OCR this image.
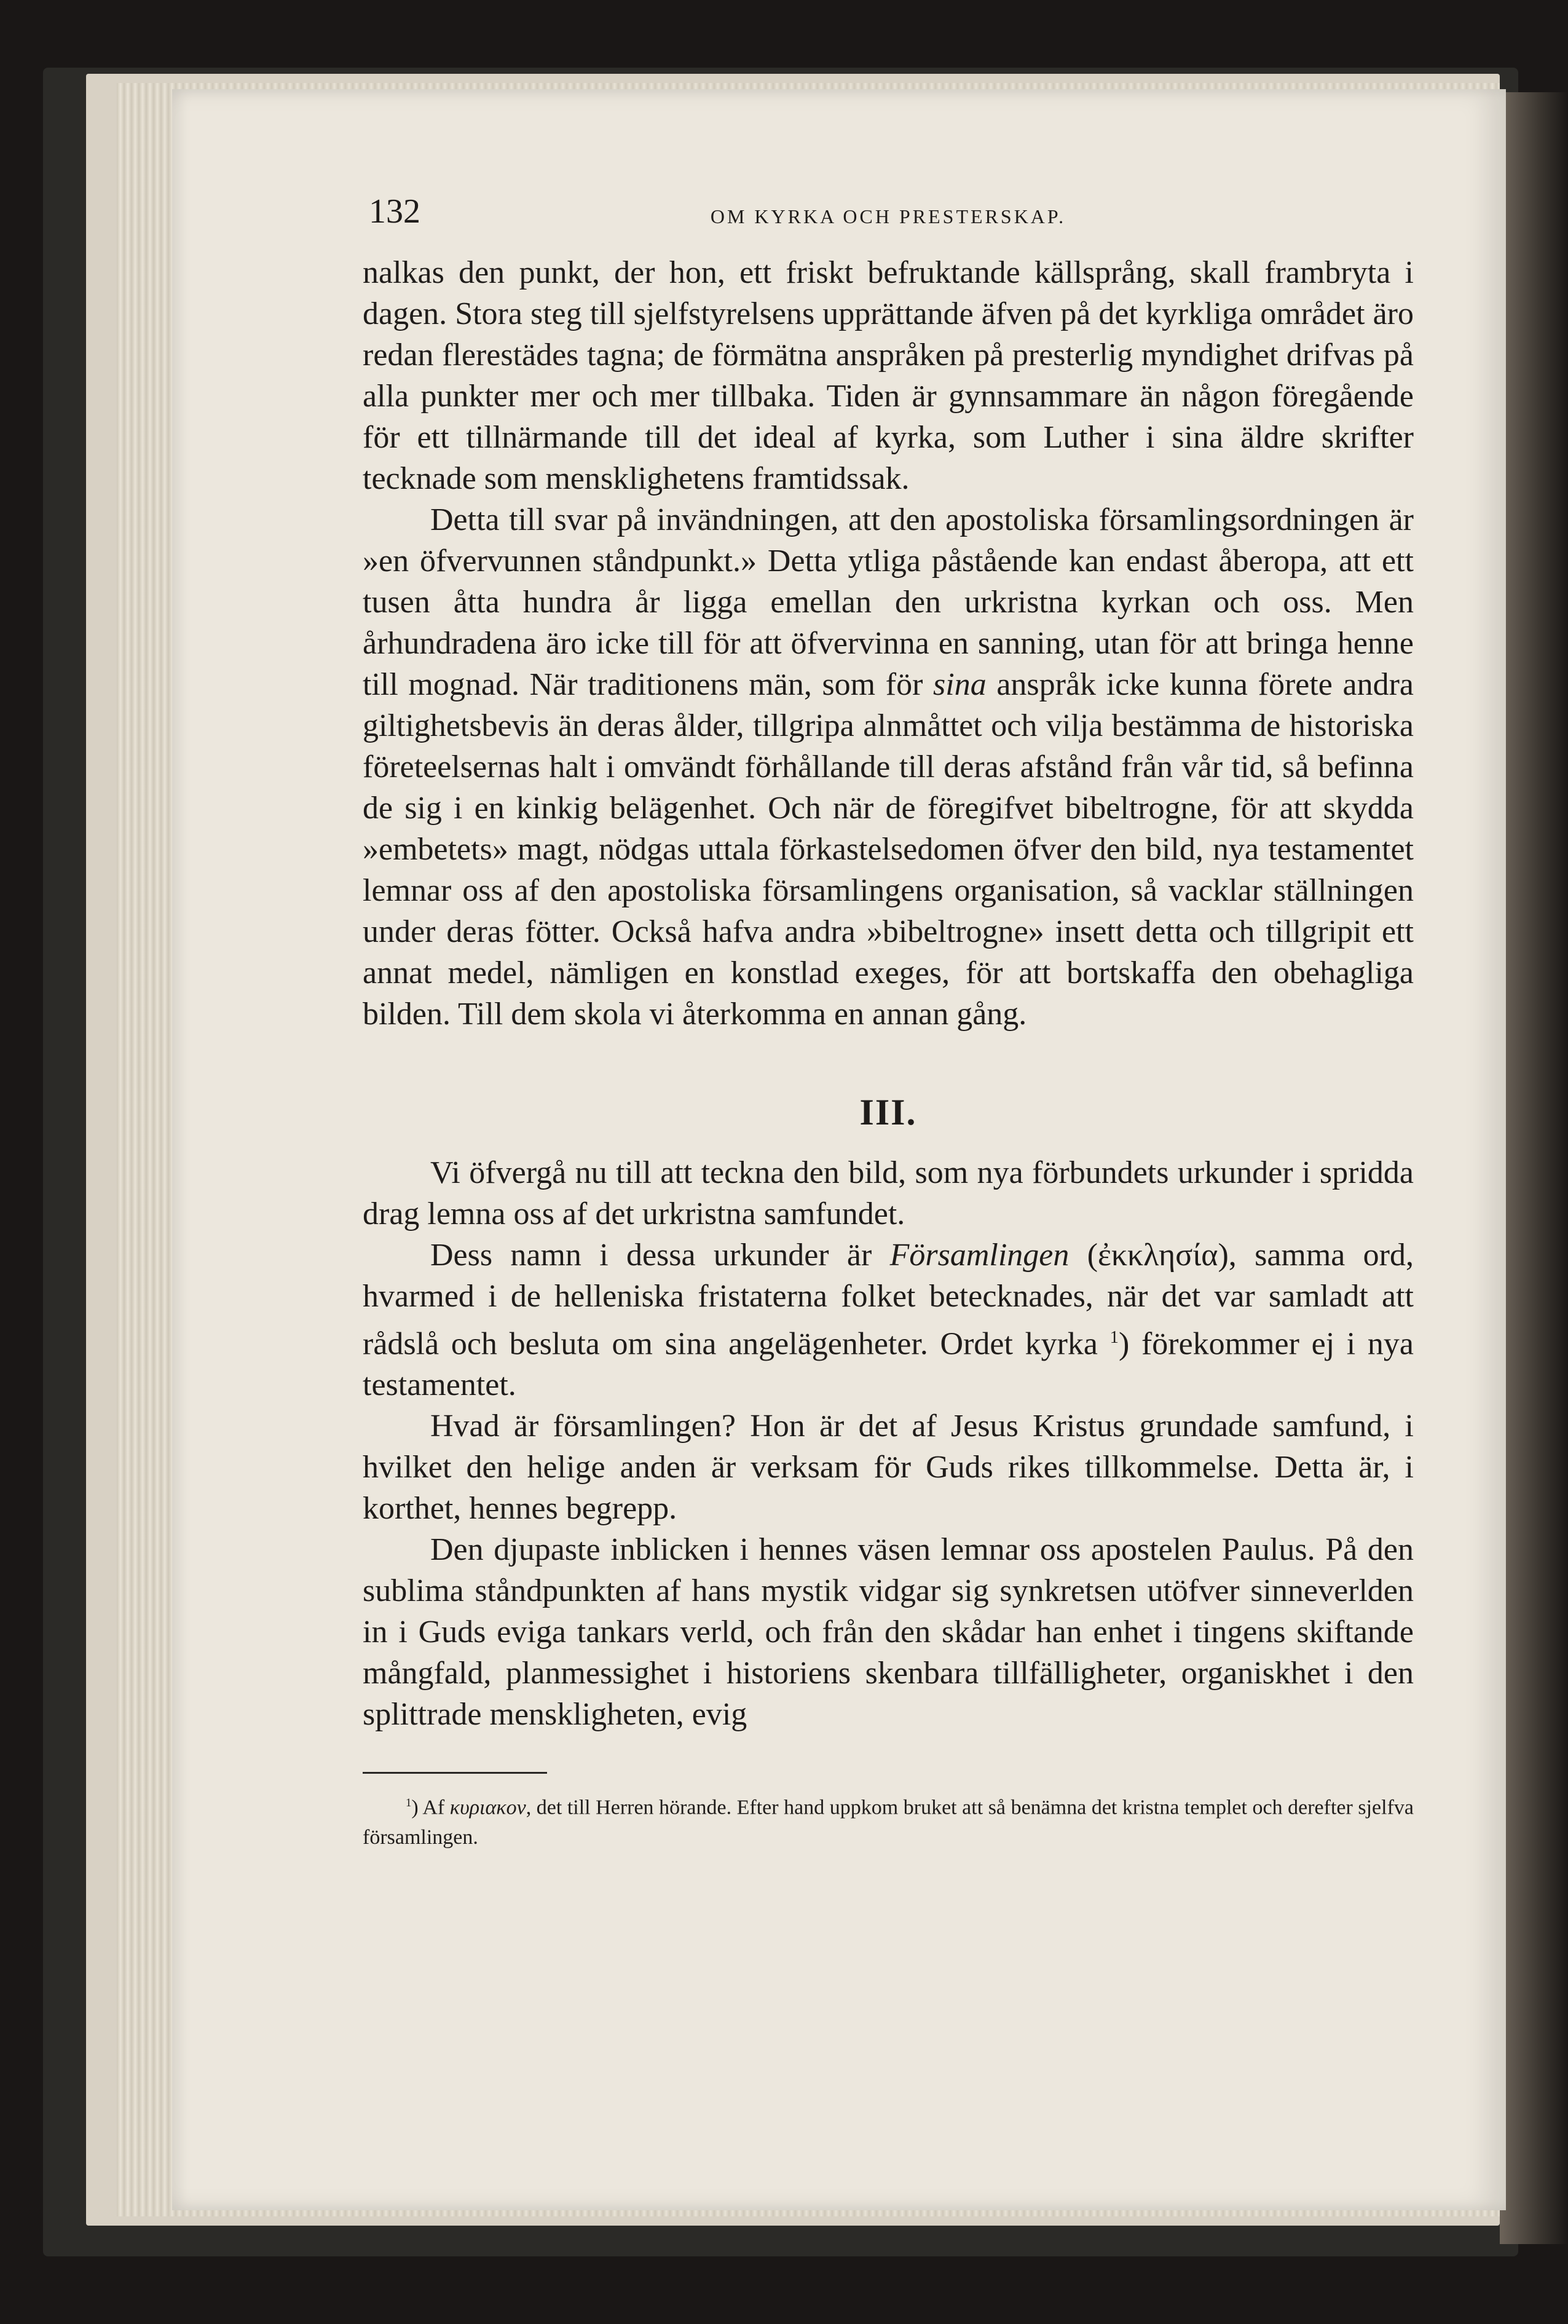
132	OM KYRKA OCH PRESTERSKAP.

nalkas den punkt, der hon, ett friskt befruktande källsprång, skall frambryta i dagen. Stora steg till sjelfstyrelsens upprättande äfven på det kyrkliga området äro redan flerestädes tagna; de förmätna anspråken på presterlig myndighet drifvas på alla punkter mer och mer tillbaka. Tiden är gynnsammare än någon föregående för ett tillnärmande till det ideal af kyrka, som Luther i sina äldre skrifter tecknade som mensklighetens framtidssak.

Detta till svar på invändningen, att den apostoliska församlingsordningen är »en öfvervunnen ståndpunkt.» Detta ytliga påstående kan endast åberopa, att ett tusen åtta hundra år ligga emellan den urkristna kyrkan och oss. Men århundradena äro icke till för att öfvervinna en sanning, utan för att bringa henne till mognad. När traditionens män, som för sina anspråk icke kunna förete andra giltighetsbevis än deras ålder, tillgripa alnmåttet och vilja bestämma de historiska företeelsernas halt i omvändt förhållande till deras afstånd från vår tid, så befinna de sig i en kinkig belägenhet. Och när de föregifvet bibeltrogne, för att skydda »embetets» magt, nödgas uttala förkastelsedomen öfver den bild, nya testamentet lemnar oss af den apostoliska församlingens organisation, så vacklar ställningen under deras fötter. Också hafva andra »bibeltrogne» insett detta och tillgripit ett annat medel, nämligen en konstlad exeges, för att bortskaffa den obehagliga bilden. Till dem skola vi återkomma en annan gång.

III.

Vi öfvergå nu till att teckna den bild, som nya förbundets urkunder i spridda drag lemna oss af det urkristna samfundet.

Dess namn i dessa urkunder är Församlingen (ἐκκλησία), samma ord, hvarmed i de helleniska fristaterna folket betecknades, när det var samladt att rådslå och besluta om sina angelägenheter. Ordet kyrka $^1$) förekommer ej i nya testamentet.

Hvad är församlingen? Hon är det af Jesus Kristus grundade samfund, i hvilket den helige anden är verksam för Guds rikes tillkommelse. Detta är, i korthet, hennes begrepp.

Den djupaste inblicken i hennes väsen lemnar oss apostelen Paulus. På den sublima ståndpunkten af hans mystik vidgar sig synkretsen utöfver sinneverlden in i Guds eviga tankars verld, och från den skådar han enhet i tingens skiftande mångfald, planmessighet i historiens skenbara tillfälligheter, organiskhet i den splittrade menskligheten, evig

$^1$) Af κυριακον, det till Herren hörande. Efter hand uppkom bruket att så benämna det kristna templet och derefter sjelfva församlingen.
